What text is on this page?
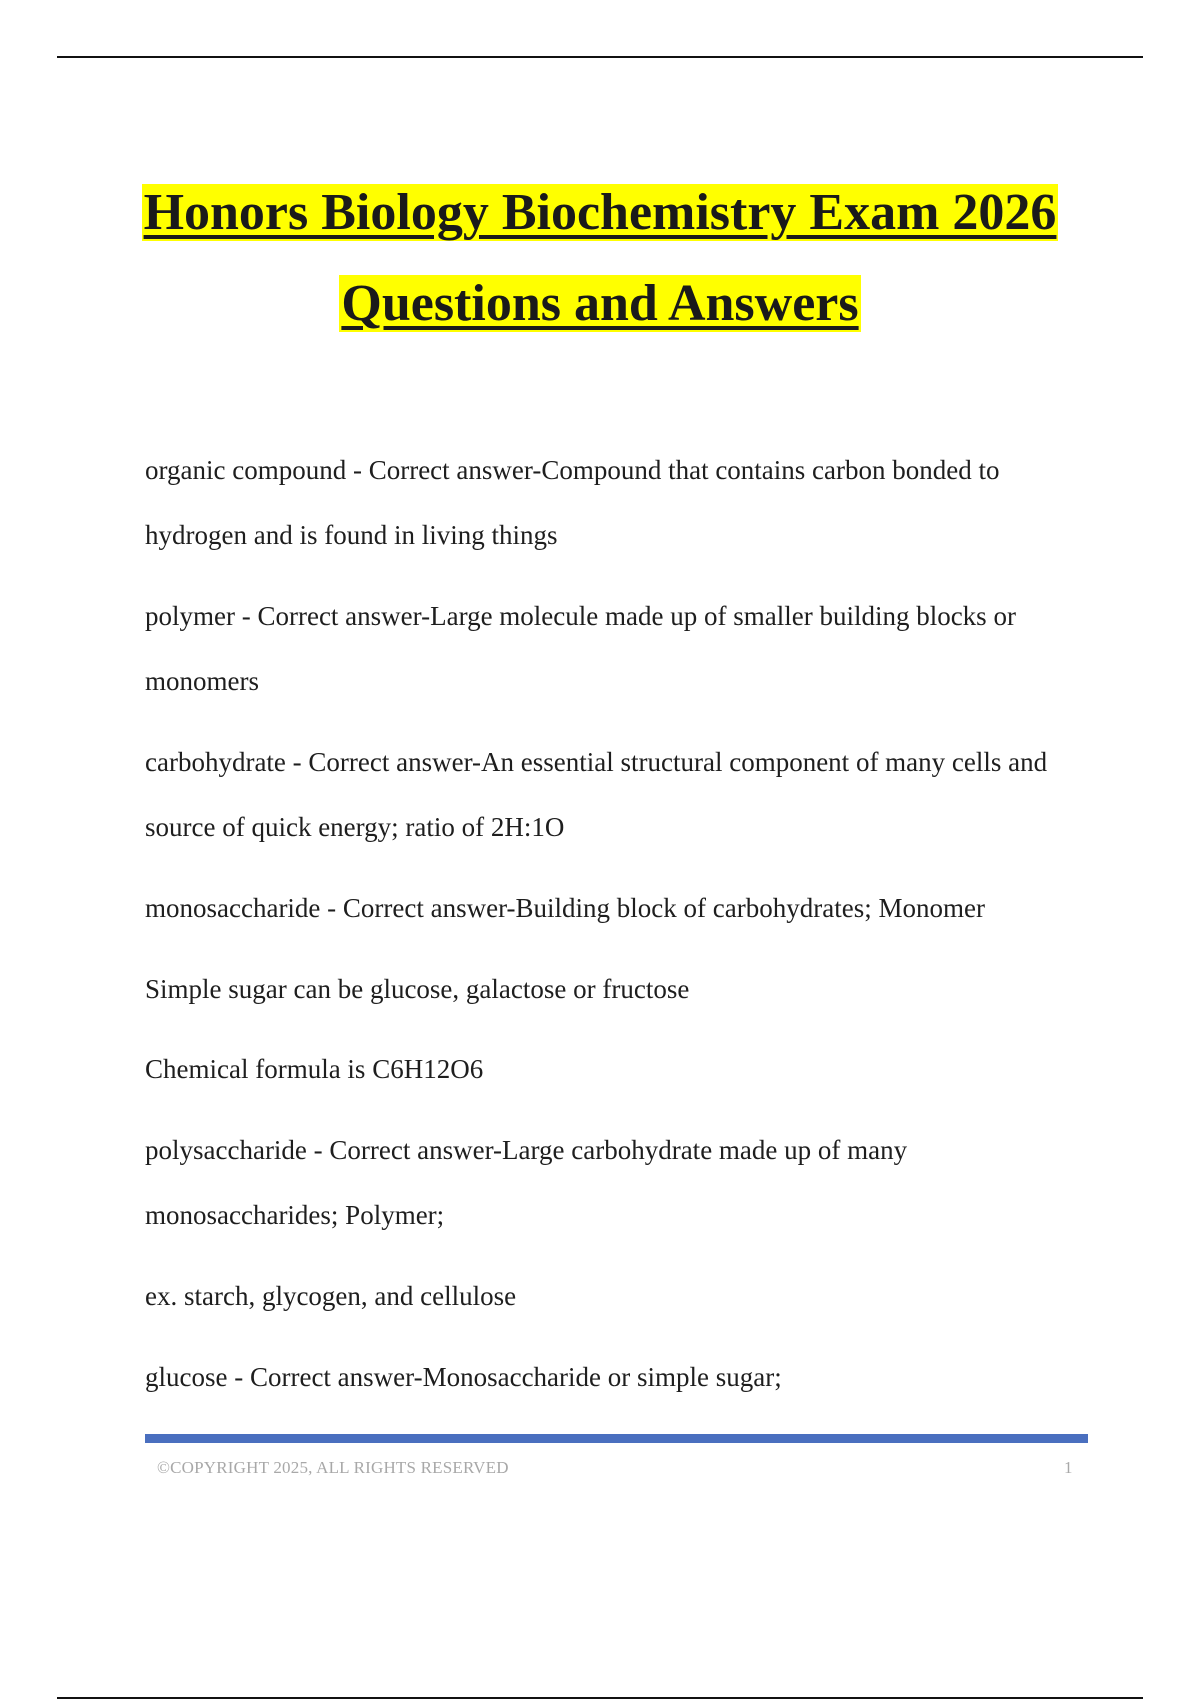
Honors Biology Biochemistry Exam 2026
Questions and Answers

organic compound - Correct answer-Compound that contains carbon bonded to hydrogen and is found in living things

polymer - Correct answer-Large molecule made up of smaller building blocks or monomers

carbohydrate - Correct answer-An essential structural component of many cells and source of quick energy; ratio of 2H:1O

monosaccharide - Correct answer-Building block of carbohydrates; Monomer

Simple sugar can be glucose, galactose or fructose

Chemical formula is C6H12O6

polysaccharide - Correct answer-Large carbohydrate made up of many monosaccharides; Polymer;

ex. starch, glycogen, and cellulose

glucose - Correct answer-Monosaccharide or simple sugar;

©COPYRIGHT 2025, ALL RIGHTS RESERVED	1
